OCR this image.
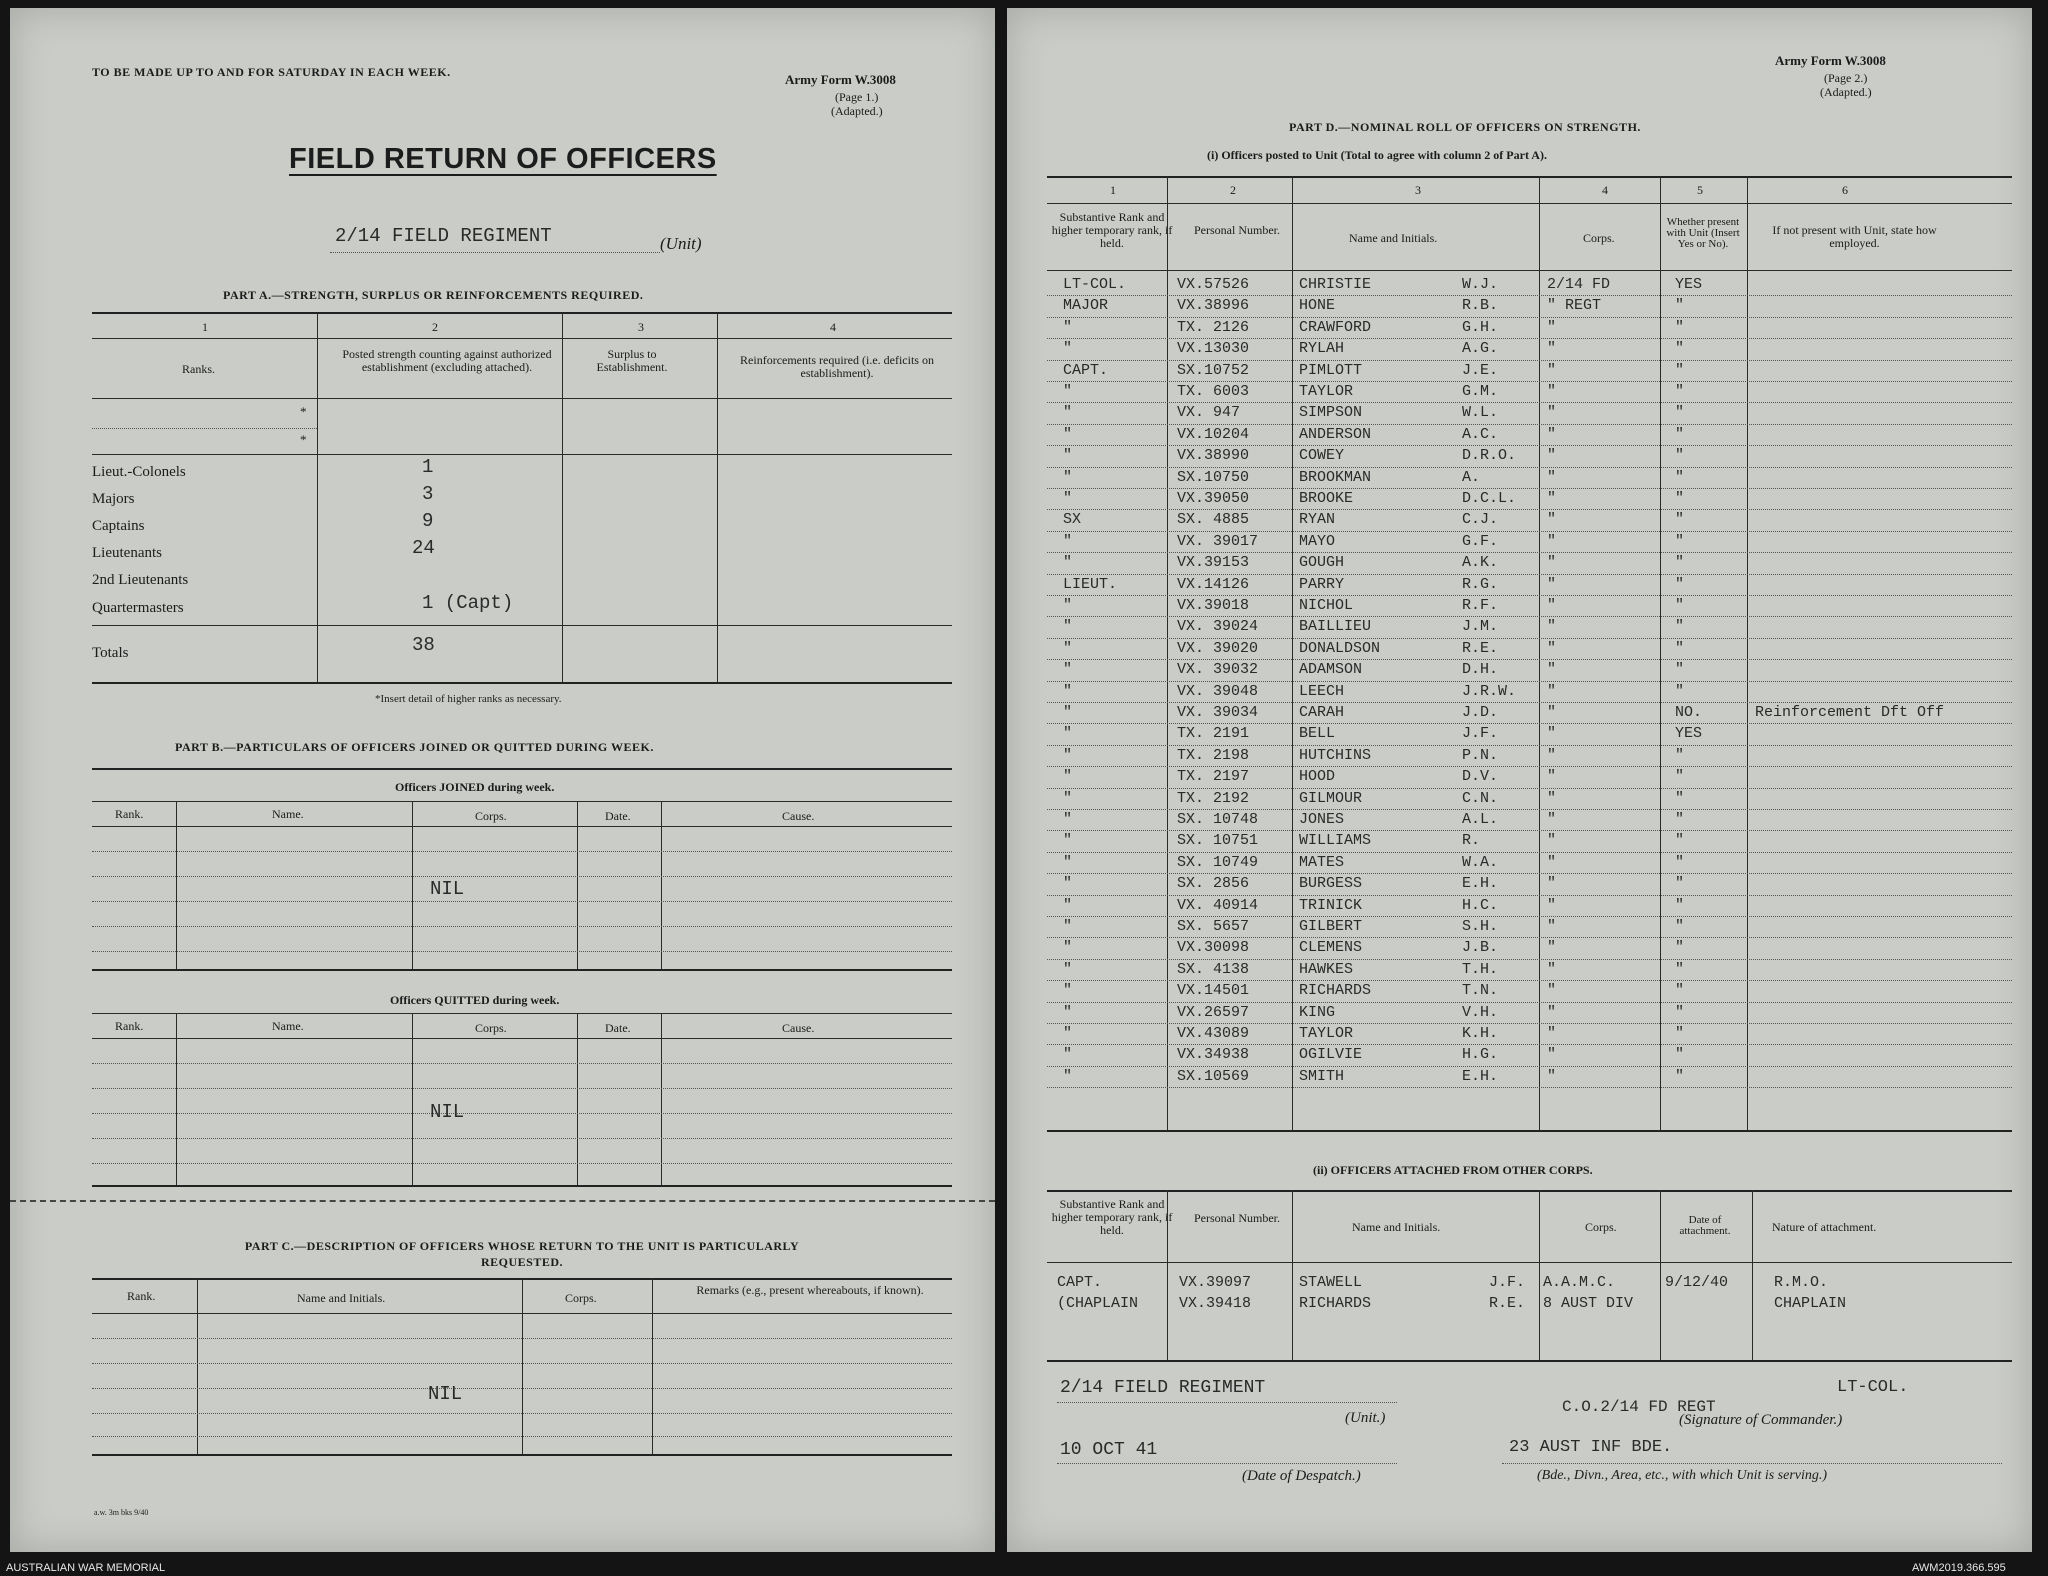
TO BE MADE UP TO AND FOR SATURDAY IN EACH WEEK.	Army Form W.3008
(Page 1.)
(Adapted.)
FIELD RETURN OF OFFICERS
2/14 FIELD REGIMENT	(Unit)
PART A.—STRENGTH, SURPLUS OR REINFORCEMENTS REQUIRED.
1	2	3	4
Ranks.
Posted strength counting against authorized establishment (excluding attached).
Surplus to Establishment.	Reinforcements required (i.e. deficits on establishment).
*
*
Lieut.-Colonels	1
Majors	3
Captains	9
Lieutenants	24
2nd Lieutenants
Quartermasters	1 (Capt)
Totals	38
*Insert detail of higher ranks as necessary.
PART B.—PARTICULARS OF OFFICERS JOINED OR QUITTED DURING WEEK.
Officers JOINED during week.
Rank.	Name.	Corps.	Date.	Cause.
NIL
Officers QUITTED during week.
Rank.	Name.	Corps.	Date.	Cause.
NIL
PART C.—DESCRIPTION OF OFFICERS WHOSE RETURN TO THE UNIT IS PARTICULARLY
REQUESTED.
Rank.	Name and Initials.	Corps.
Remarks (e.g., present whereabouts, if known).
NIL
a.w. 3m bks 9/40
Army Form W.3008
(Page 2.)
(Adapted.)
PART D.—NOMINAL ROLL OF OFFICERS ON STRENGTH.
(i) Officers posted to Unit (Total to agree with column 2 of Part A).
1	2	3	4	5	6
Substantive Rank and higher temporary rank, if held.
Personal Number.
Name and Initials.	Corps.
Whether present with Unit (Insert Yes or No).
If not present with Unit, state how employed.
LT-COL.	VX.57526	CHRISTIE	W.J.	2/14 FD	YES
MAJOR	VX.38996	HONE	R.B.	" REGT	"
"	TX. 2126	CRAWFORD	G.H.	"	"
"	VX.13030	RYLAH	A.G.	"	"
CAPT.	SX.10752	PIMLOTT	J.E.	"	"
"	TX. 6003	TAYLOR	G.M.	"	"
"	VX. 947	SIMPSON	W.L.	"	"
"	VX.10204	ANDERSON	A.C.	"	"
"	VX.38990	COWEY	D.R.O. "	"
"	SX.10750	BROOKMAN	A.	"	"
"	VX.39050	BROOKE	D.C.L. "	"
SX	SX. 4885	RYAN	C.J.	"	"
"	VX. 39017	MAYO	G.F.	"	"
"	VX.39153	GOUGH	A.K.	"	"
LIEUT.	VX.14126	PARRY	R.G.	"	"
"	VX.39018	NICHOL	R.F.	"	"
"	VX. 39024	BAILLIEU	J.M.	"	"
"	VX. 39020	DONALDSON	R.E.	"	"
"	VX. 39032	ADAMSON	D.H.	"	"
"	VX. 39048	LEECH	J.R.W. "	"
"	VX. 39034	CARAH	J.D.	"	NO.	Reinforcement Dft Off
"	TX. 2191	BELL	J.F.	"	YES
"	TX. 2198	HUTCHINS	P.N.	"	"
"	TX. 2197	HOOD	D.V.	"	"
"	TX. 2192	GILMOUR	C.N.	"	"
"	SX. 10748	JONES	A.L.	"	"
"	SX. 10751	WILLIAMS	R.	"	"
"	SX. 10749	MATES	W.A.	"	"
"	SX. 2856	BURGESS	E.H.	"	"
"	VX. 40914	TRINICK	H.C.	"	"
"	SX. 5657	GILBERT	S.H.	"	"
"	VX.30098	CLEMENS	J.B.	"	"
"	SX. 4138	HAWKES	T.H.	"	"
"	VX.14501	RICHARDS	T.N.	"	"
"	VX.26597	KING	V.H.	"	"
"	VX.43089	TAYLOR	K.H.	"	"
"	VX.34938	OGILVIE	H.G.	"	"
"	SX.10569	SMITH	E.H.	"	"
(ii) OFFICERS ATTACHED FROM OTHER CORPS.
Substantive Rank and higher temporary rank, if held.
Personal Number.
Name and Initials.	Corps.	Date of attachment.	Nature of attachment.
CAPT.	VX.39097	STAWELL	J.F. A.A.M.C.	9/12/40	R.M.O.
(CHAPLAIN	VX.39418	RICHARDS	R.E. 8 AUST DIV	CHAPLAIN
2/14 FIELD REGIMENT
(Unit.)
LT-COL.
C.O.2/14 FD REGT
(Signature of Commander.)
10 OCT 41
(Date of Despatch.)
23 AUST INF BDE.
(Bde., Divn., Area, etc., with which Unit is serving.)
AUSTRALIAN WAR MEMORIAL	AWM2019.366.595
